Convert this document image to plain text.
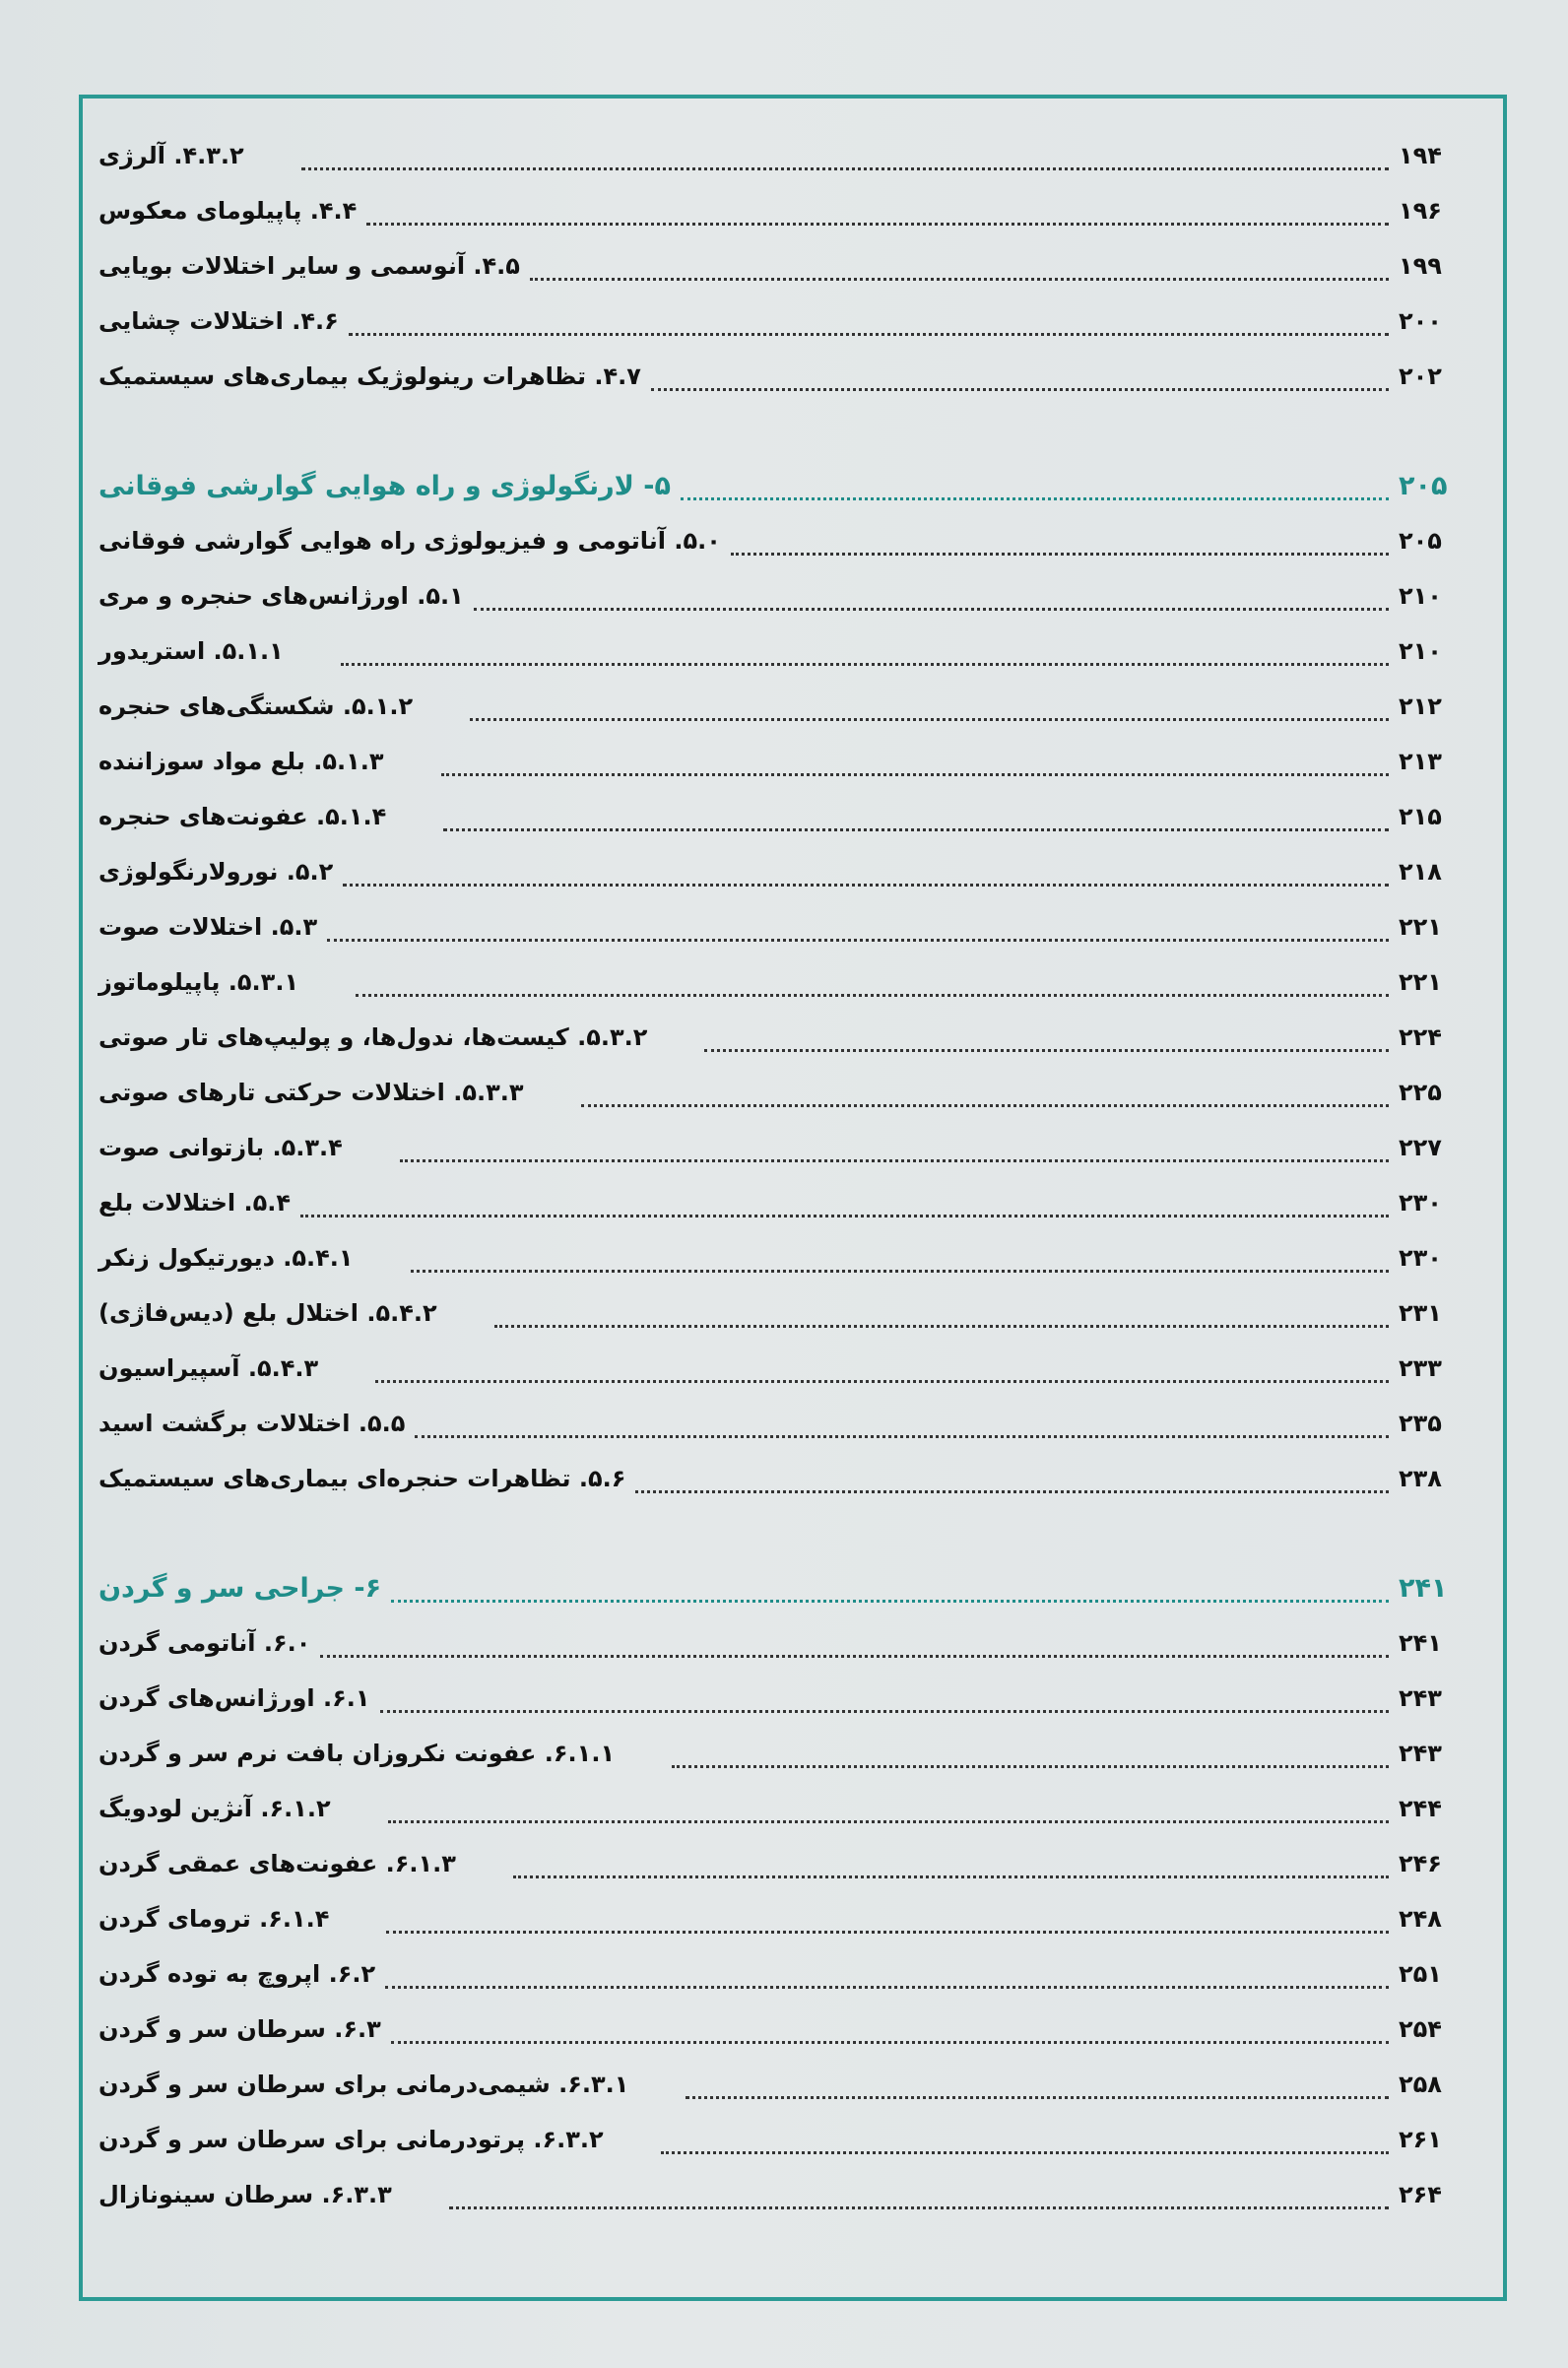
۴.۳.۲. آلرژی	۱۹۴
۴.۴. پاپیلومای معکوس	۱۹۶
۴.۵. آنوسمی و سایر اختلالات بویایی	۱۹۹
۴.۶. اختلالات چشایی	۲۰۰
۴.۷. تظاهرات رینولوژیک بیماری‌های سیستمیک	۲۰۲
۵- لارنگولوژی و راه هوایی گوارشی فوقانی	۲۰۵
۵.۰. آناتومی و فیزیولوژی راه هوایی گوارشی فوقانی	۲۰۵
۵.۱. اورژانس‌های حنجره و مری	۲۱۰
۵.۱.۱. استریدور	۲۱۰
۵.۱.۲. شکستگی‌های حنجره	۲۱۲
۵.۱.۳. بلع مواد سوزاننده	۲۱۳
۵.۱.۴. عفونت‌های حنجره	۲۱۵
۵.۲. نورولارنگولوژی	۲۱۸
۵.۳. اختلالات صوت	۲۲۱
۵.۳.۱. پاپیلوماتوز	۲۲۱
۵.۳.۲. کیست‌ها، ندول‌ها، و پولیپ‌های تار صوتی	۲۲۴
۵.۳.۳. اختلالات حرکتی تارهای صوتی	۲۲۵
۵.۳.۴. بازتوانی صوت	۲۲۷
۵.۴. اختلالات بلع	۲۳۰
۵.۴.۱. دیورتیکول زنکر	۲۳۰
۵.۴.۲. اختلال بلع (دیس‌فاژی)	۲۳۱
۵.۴.۳. آسپیراسیون	۲۳۳
۵.۵. اختلالات برگشت اسید	۲۳۵
۵.۶. تظاهرات حنجره‌ای بیماری‌های سیستمیک	۲۳۸
۶- جراحی سر و گردن	۲۴۱
۶.۰. آناتومی گردن	۲۴۱
۶.۱. اورژانس‌های گردن	۲۴۳
۶.۱.۱. عفونت نکروزان بافت نرم سر و گردن	۲۴۳
۶.۱.۲. آنژین لودویگ	۲۴۴
۶.۱.۳. عفونت‌های عمقی گردن	۲۴۶
۶.۱.۴. ترومای گردن	۲۴۸
۶.۲. اپروچ به توده گردن	۲۵۱
۶.۳. سرطان سر و گردن	۲۵۴
۶.۳.۱. شیمی‌درمانی برای سرطان سر و گردن	۲۵۸
۶.۳.۲. پرتودرمانی برای سرطان سر و گردن	۲۶۱
۶.۳.۳. سرطان سینونازال	۲۶۴
